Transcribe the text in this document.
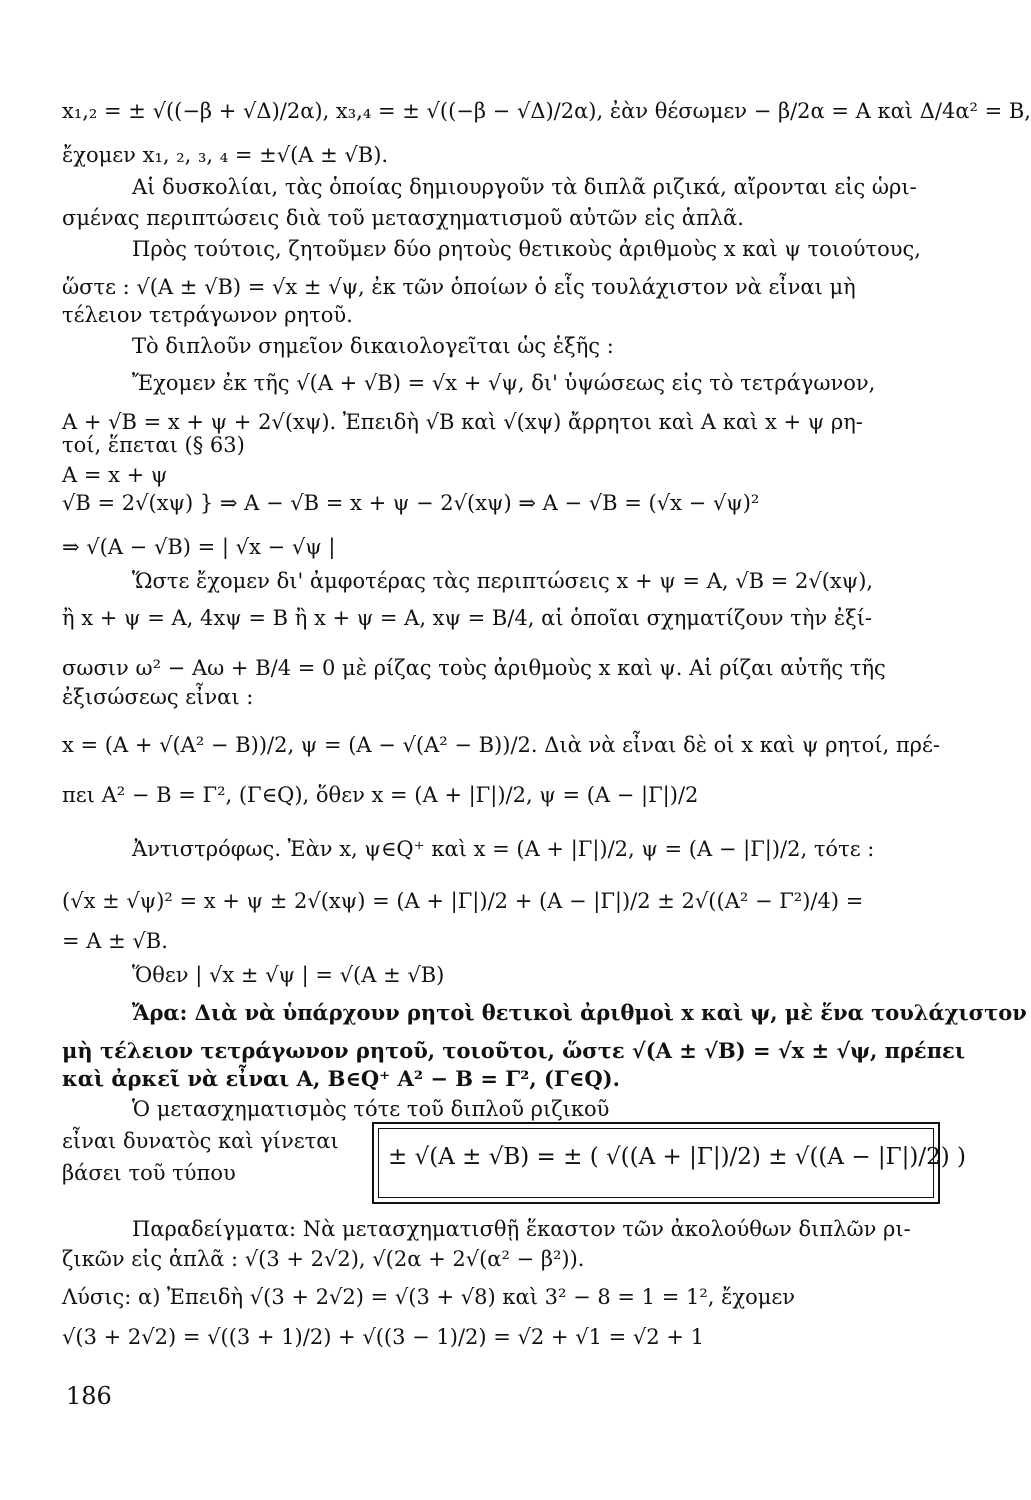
x₁,₂ = ± √((−β + √Δ)/2α), x₃,₄ = ± √((−β − √Δ)/2α), ἐὰν θέσωμεν − β/2α = A καὶ Δ/4α² = B,
ἔχομεν x₁, ₂, ₃, ₄ = ±√(A ± √B).
Αἱ δυσκολίαι, τὰς ὁποίας δημιουργοῦν τὰ διπλᾶ ριζικά, αἴρονται εἰς ὡρι-
σμένας περιπτώσεις διὰ τοῦ μετασχηματισμοῦ αὐτῶν εἰς ἁπλᾶ.
Πρὸς τούτοις, ζητοῦμεν δύο ρητοὺς θετικοὺς ἀριθμοὺς x καὶ ψ τοιούτους,
ὥστε : √(A ± √B) = √x ± √ψ, ἐκ τῶν ὁποίων ὁ εἷς τουλάχιστον νὰ εἶναι μὴ
τέλειον τετράγωνον ρητοῦ.
Τὸ διπλοῦν σημεῖον δικαιολογεῖται ὡς ἑξῆς :
Ἔχομεν ἐκ τῆς √(A + √B) = √x + √ψ, δι' ὑψώσεως εἰς τὸ τετράγωνον,
A + √B = x + ψ + 2√(xψ). Ἐπειδὴ √B καὶ √(xψ) ἄρρητοι καὶ A καὶ x + ψ ρη-
τοί, ἕπεται (§ 63)
A = x + ψ
√B = 2√(xψ) } ⇒ A − √B = x + ψ − 2√(xψ) ⇒ A − √B = (√x − √ψ)²
⇒ √(A − √B) = | √x − √ψ |
Ὥστε ἔχομεν δι' ἀμφοτέρας τὰς περιπτώσεις x + ψ = A, √B = 2√(xψ),
ἢ x + ψ = A, 4xψ = B ἢ x + ψ = A, xψ = B/4, αἱ ὁποῖαι σχηματίζουν τὴν ἐξί-
σωσιν ω² − Aω + B/4 = 0 μὲ ρίζας τοὺς ἀριθμοὺς x καὶ ψ. Αἱ ρίζαι αὐτῆς τῆς
ἐξισώσεως εἶναι :
x = (A + √(A² − B))/2, ψ = (A − √(A² − B))/2. Διὰ νὰ εἶναι δὲ οἱ x καὶ ψ ρητοί, πρέ-
πει A² − B = Γ², (Γ∈Q), ὅθεν x = (A + |Γ|)/2, ψ = (A − |Γ|)/2
Ἀντιστρόφως. Ἐὰν x, ψ∈Q⁺ καὶ x = (A + |Γ|)/2, ψ = (A − |Γ|)/2, τότε :
(√x ± √ψ)² = x + ψ ± 2√(xψ) = (A + |Γ|)/2 + (A − |Γ|)/2 ± 2√((A² − Γ²)/4) =
= A ± √B.
Ὅθεν | √x ± √ψ | = √(A ± √B)
Ἄρα: Διὰ νὰ ὑπάρχουν ρητοὶ θετικοὶ ἀριθμοὶ x καὶ ψ, μὲ ἕνα τουλάχιστον
μὴ τέλειον τετράγωνον ρητοῦ, τοιοῦτοι, ὥστε √(A ± √B) = √x ± √ψ, πρέπει
καὶ ἀρκεῖ νὰ εἶναι A, B∈Q⁺ A² − B = Γ², (Γ∈Q).
Ὁ μετασχηματισμὸς τότε τοῦ διπλοῦ ριζικοῦ
εἶναι δυνατὸς καὶ γίνεται
βάσει τοῦ τύπου
± √(A ± √B) = ± ( √((A + |Γ|)/2) ± √((A − |Γ|)/2) )
Παραδείγματα: Νὰ μετασχηματισθῇ ἕκαστον τῶν ἀκολούθων διπλῶν ρι-
ζικῶν εἰς ἁπλᾶ : √(3 + 2√2), √(2α + 2√(α² − β²)).
Λύσις: α) Ἐπειδὴ √(3 + 2√2) = √(3 + √8) καὶ 3² − 8 = 1 = 1², ἔχομεν
√(3 + 2√2) = √((3 + 1)/2) + √((3 − 1)/2) = √2 + √1 = √2 + 1
186
